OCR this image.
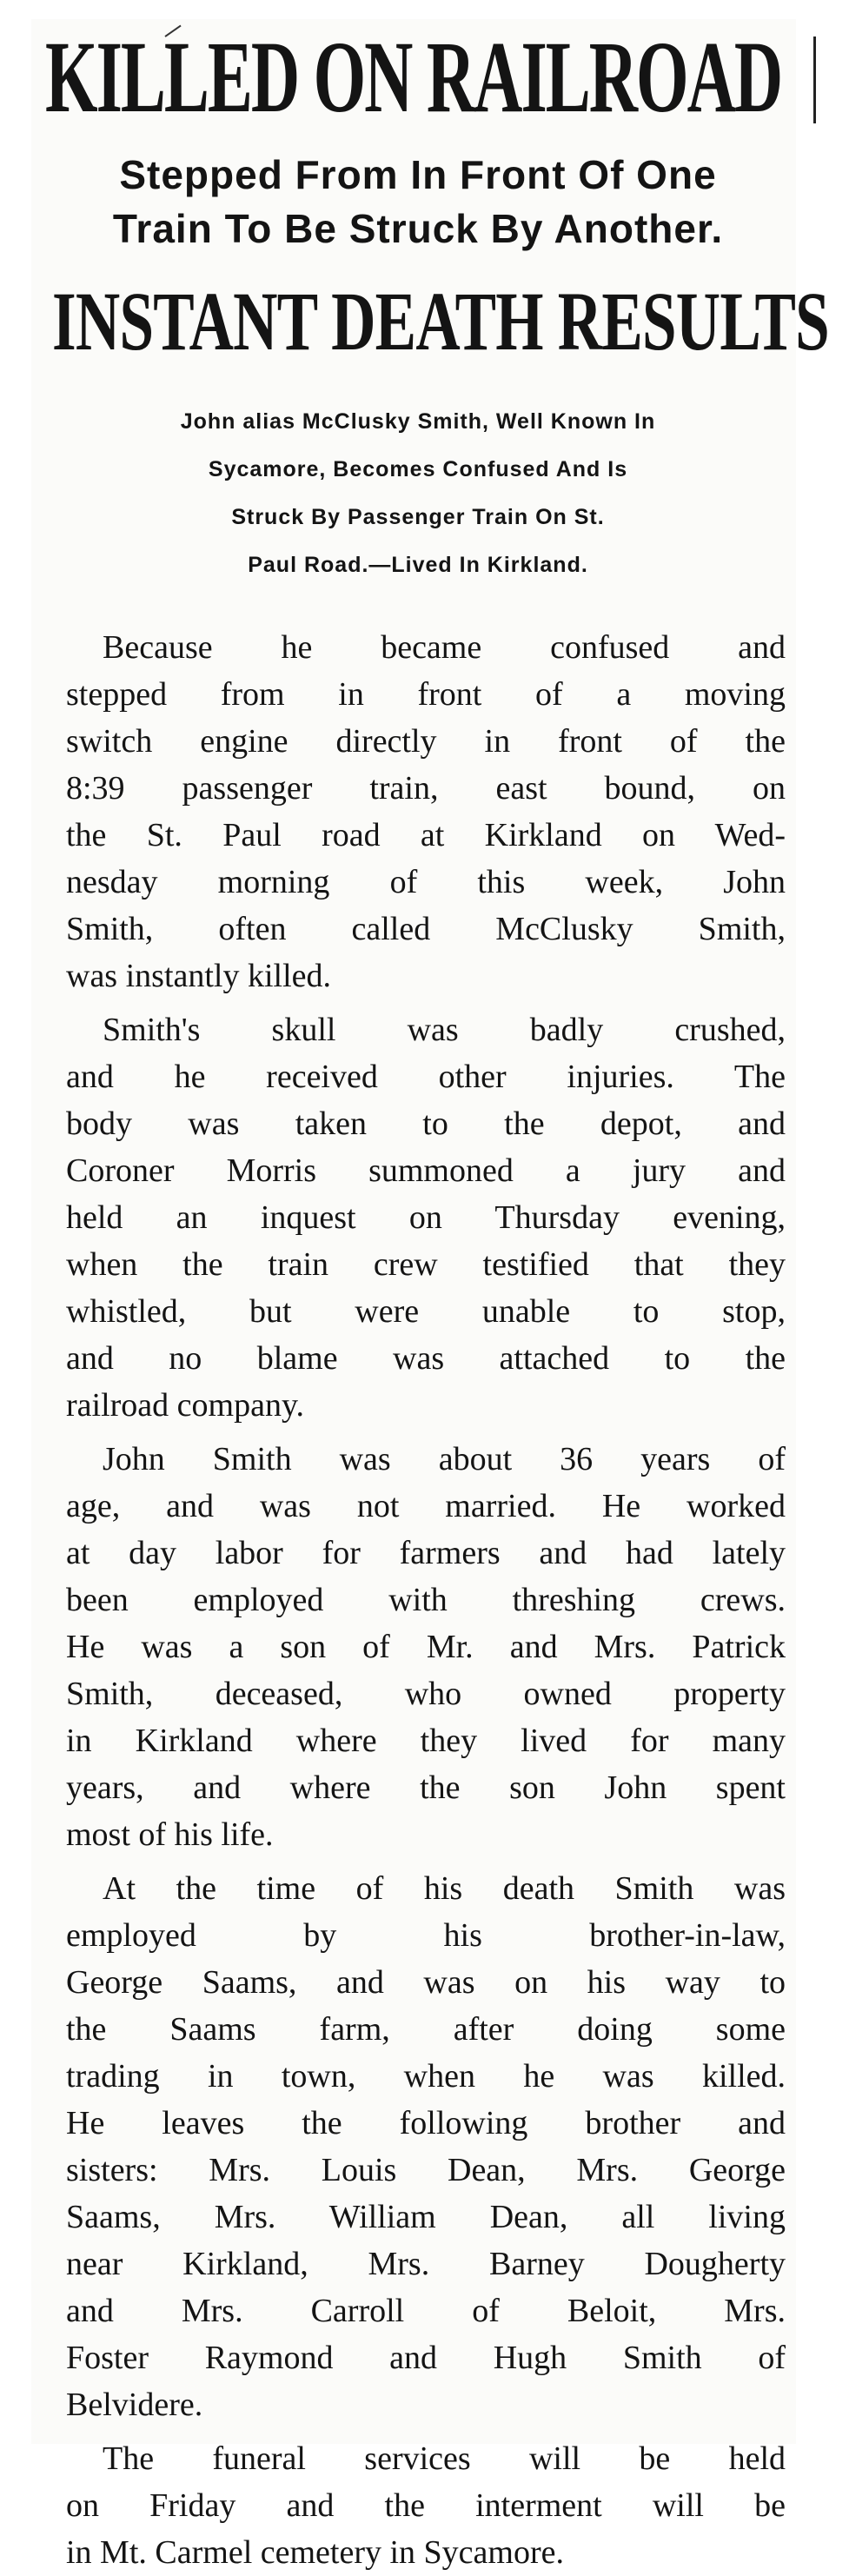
KILLED ON RAILROAD
Stepped From In Front Of One
Train To Be Struck By Another.
INSTANT DEATH RESULTS
John alias McClusky Smith, Well Known In
Sycamore, Becomes Confused And Is
Struck By Passenger Train On St.
Paul Road.—Lived In Kirkland.
Because he became confused and
stepped from in front of a moving
switch engine directly in front of the
8:39 passenger train, east bound, on
the St. Paul road at Kirkland on Wed-
nesday morning of this week, John
Smith, often called McClusky Smith,
was instantly killed.
Smith's skull was badly crushed,
and he received other injuries. The
body was taken to the depot, and
Coroner Morris summoned a jury and
held an inquest on Thursday evening,
when the train crew testified that they
whistled, but were unable to stop,
and no blame was attached to the
railroad company.
John Smith was about 36 years of
age, and was not married. He worked
at day labor for farmers and had lately
been employed with threshing crews.
He was a son of Mr. and Mrs. Patrick
Smith, deceased, who owned property
in Kirkland where they lived for many
years, and where the son John spent
most of his life.
At the time of his death Smith was
employed by his brother-in-law,
George Saams, and was on his way to
the Saams farm, after doing some
trading in town, when he was killed.
He leaves the following brother and
sisters: Mrs. Louis Dean, Mrs. George
Saams, Mrs. William Dean, all living
near Kirkland, Mrs. Barney Dougherty
and Mrs. Carroll of Beloit, Mrs.
Foster Raymond and Hugh Smith of
Belvidere.
The funeral services will be held
on Friday and the interment will be
in Mt. Carmel cemetery in Sycamore.
